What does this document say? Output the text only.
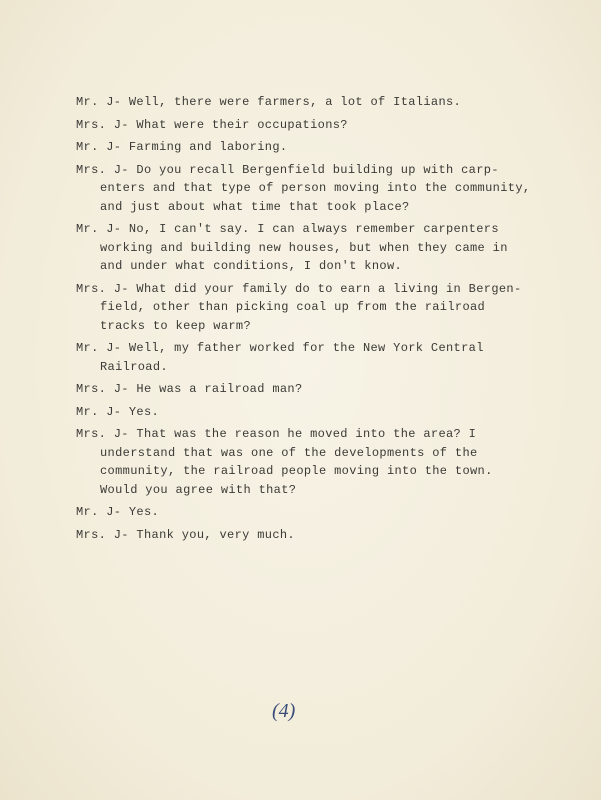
Mr. J- Well, there were farmers, a lot of Italians.
Mrs. J- What were their occupations?
Mr. J- Farming and laboring.
Mrs. J- Do you recall Bergenfield building up with carp-
enters and that type of person moving into the community,
and just about what time that took place?
Mr. J- No, I can't say. I can always remember carpenters
working and building new houses, but when they came in
and under what conditions, I don't know.
Mrs. J- What did your family do to earn a living in Bergen-
field, other than picking coal up from the railroad
tracks to keep warm?
Mr. J- Well, my father worked for the New York Central
Railroad.
Mrs. J- He was a railroad man?
Mr. J- Yes.
Mrs. J- That was the reason he moved into the area? I
understand that was one of the developments of the
community, the railroad people moving into the town.
Would you agree with that?
Mr. J- Yes.
Mrs. J- Thank you, very much.
(4)
